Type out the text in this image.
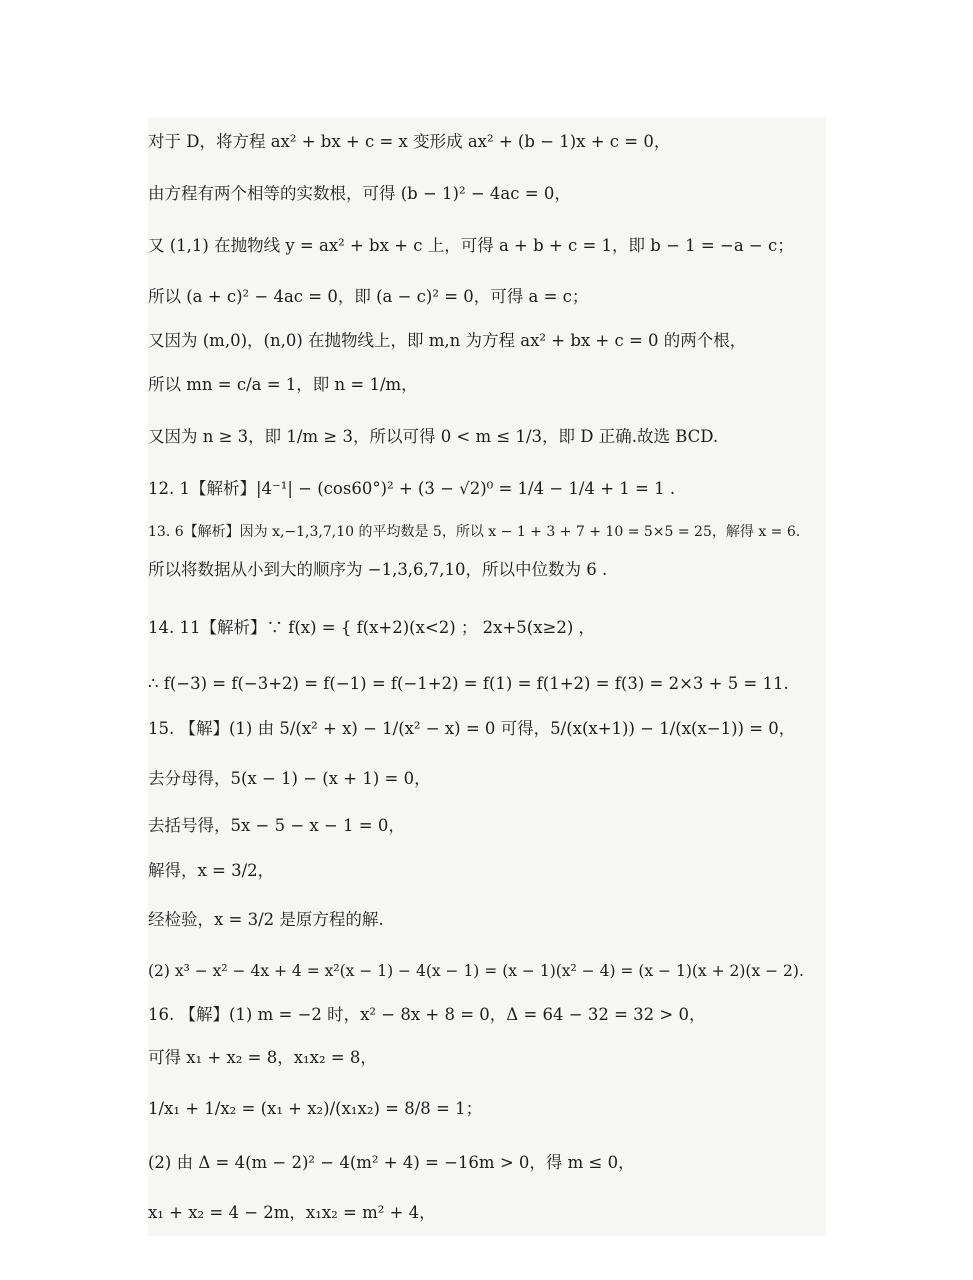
对于 D，将方程 ax² + bx + c = x 变形成 ax² + (b − 1)x + c = 0，
由方程有两个相等的实数根，可得 (b − 1)² − 4ac = 0，
又 (1,1) 在抛物线 y = ax² + bx + c 上，可得 a + b + c = 1，即 b − 1 = −a − c；
所以 (a + c)² − 4ac = 0，即 (a − c)² = 0，可得 a = c；
又因为 (m,0)，(n,0) 在抛物线上，即 m,n 为方程 ax² + bx + c = 0 的两个根，
所以 mn = c/a = 1，即 n = 1/m，
又因为 n ≥ 3，即 1/m ≥ 3，所以可得 0 < m ≤ 1/3，即 D 正确.故选 BCD.
12. 1【解析】|4⁻¹| − (cos60°)² + (3 − √2)⁰ = 1/4 − 1/4 + 1 = 1 .
13. 6【解析】因为 x,−1,3,7,10 的平均数是 5，所以 x − 1 + 3 + 7 + 10 = 5×5 = 25，解得 x = 6.
所以将数据从小到大的顺序为 −1,3,6,7,10，所以中位数为 6 .
14. 11【解析】∵ f(x) = { f(x+2)(x<2) ； 2x+5(x≥2) ，
∴ f(−3) = f(−3+2) = f(−1) = f(−1+2) = f(1) = f(1+2) = f(3) = 2×3 + 5 = 11.
15. 【解】(1) 由 5/(x² + x) − 1/(x² − x) = 0 可得，5/(x(x+1)) − 1/(x(x−1)) = 0，
去分母得，5(x − 1) − (x + 1) = 0，
去括号得，5x − 5 − x − 1 = 0，
解得，x = 3/2，
经检验，x = 3/2 是原方程的解.
(2) x³ − x² − 4x + 4 = x²(x − 1) − 4(x − 1) = (x − 1)(x² − 4) = (x − 1)(x + 2)(x − 2).
16. 【解】(1) m = −2 时，x² − 8x + 8 = 0，Δ = 64 − 32 = 32 > 0，
可得 x₁ + x₂ = 8，x₁x₂ = 8，
1/x₁ + 1/x₂ = (x₁ + x₂)/(x₁x₂) = 8/8 = 1；
(2) 由 Δ = 4(m − 2)² − 4(m² + 4) = −16m > 0，得 m ≤ 0，
x₁ + x₂ = 4 − 2m，x₁x₂ = m² + 4，
